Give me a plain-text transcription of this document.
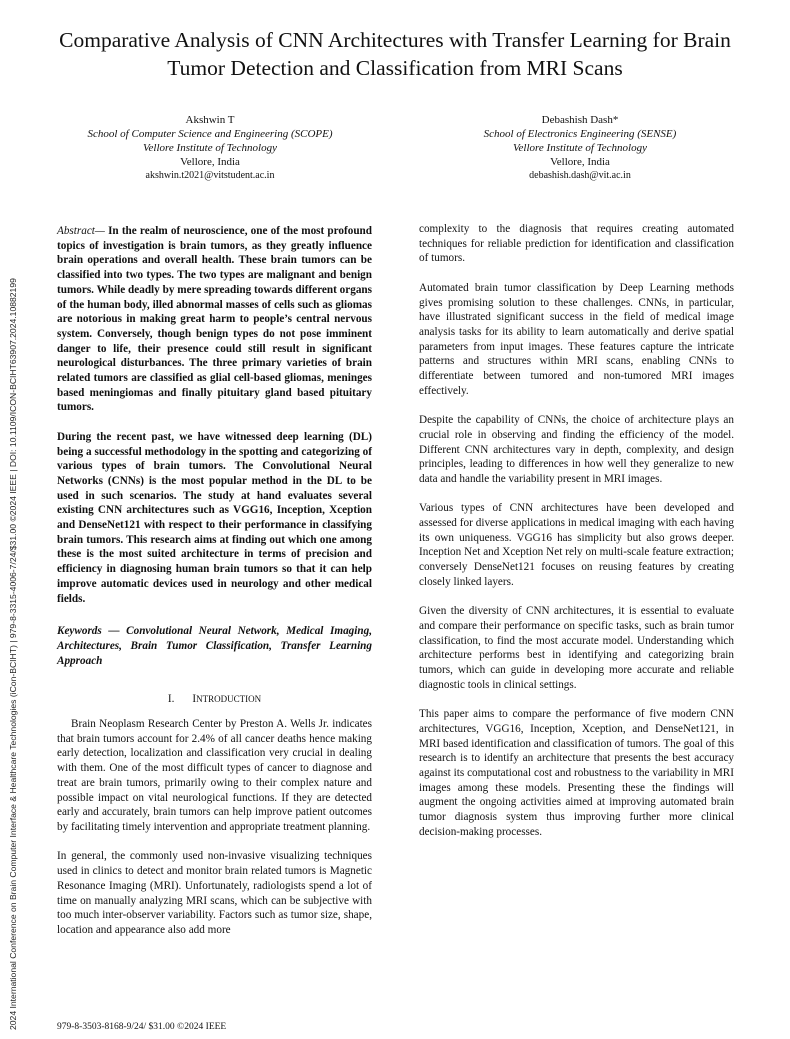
Comparative Analysis of CNN Architectures with Transfer Learning for Brain Tumor Detection and Classification from MRI Scans
Akshwin T
School of Computer Science and Engineering (SCOPE)
Vellore Institute of Technology
Vellore, India
akshwin.t2021@vitstudent.ac.in
Debashish Dash*
School of Electronics Engineering (SENSE)
Vellore Institute of Technology
Vellore, India
debashish.dash@vit.ac.in
2024 International Conference on Brain Computer Interface & Healthcare Technologies (iCon-BCIHT) | 979-8-3315-4006-7/24/$31.00 ©2024 IEEE | DOI: 10.1109/ICON-BCIHT63907.2024.10882199

Abstract— In the realm of neuroscience, one of the most profound topics of investigation is brain tumors, as they greatly influence brain operations and overall health. These brain tumors can be classified into two types. The two types are malignant and benign tumors. While deadly by mere spreading towards different organs of the human body, illed abnormal masses of cells such as gliomas are notorious in making great harm to people’s central nervous system. Conversely, though benign types do not pose imminent danger to life, their presence could still result in significant neurological disturbances. The three primary varieties of brain related tumors are classified as glial cell-based gliomas, meninges based meningiomas and finally pituitary gland based pituitary tumors.

During the recent past, we have witnessed deep learning (DL) being a successful methodology in the spotting and categorizing of various types of brain tumors. The Convolutional Neural Networks (CNNs) is the most popular method in the DL to be used in such scenarios. The study at hand evaluates several existing CNN architectures such as VGG16, Inception, Xception and DenseNet121 with respect to their performance in classifying brain tumors. This research aims at finding out which one among these is the most suited architecture in terms of precision and efficiency in diagnosing human brain tumors so that it can help improve automatic devices used in neurology and other medical fields.

Keywords — Convolutional Neural Network, Medical Imaging, Architectures, Brain Tumor Classification, Transfer Learning Approach

I. INTRODUCTION

Brain Neoplasm Research Center by Preston A. Wells Jr. indicates that brain tumors account for 2.4% of all cancer deaths hence making early detection, localization and classification very crucial in dealing with them. One of the most difficult types of cancer to diagnose and treat are brain tumors, primarily owing to their complex nature and possible impact on vital neurological functions. If they are detected early and accurately, brain tumors can help improve patient outcomes by facilitating timely intervention and appropriate treatment planning.

In general, the commonly used non-invasive visualizing techniques used in clinics to detect and monitor brain related tumors is Magnetic Resonance Imaging (MRI). Unfortunately, radiologists spend a lot of time on manually analyzing MRI scans, which can be subjective with too much inter-observer variability. Factors such as tumor size, shape, location and appearance also add more

complexity to the diagnosis that requires creating automated techniques for reliable prediction for identification and classification of tumors.

Automated brain tumor classification by Deep Learning methods gives promising solution to these challenges. CNNs, in particular, have illustrated significant success in the field of medical image analysis tasks for its ability to learn automatically and derive spatial parameters from input images. These features capture the intricate patterns and structures within MRI scans, enabling CNNs to differentiate between tumored and non-tumored MRI images effectively.

Despite the capability of CNNs, the choice of architecture plays an crucial role in observing and finding the efficiency of the model. Different CNN architectures vary in depth, complexity, and design principles, leading to differences in how well they generalize to new data and handle the variability present in MRI images.

Various types of CNN architectures have been developed and assessed for diverse applications in medical imaging with each having its own uniqueness. VGG16 has simplicity but also grows deeper. Inception Net and Xception Net rely on multi-scale feature extraction; conversely DenseNet121 focuses on reusing features by creating closely linked layers.

Given the diversity of CNN architectures, it is essential to evaluate and compare their performance on specific tasks, such as brain tumor classification, to find the most accurate model. Understanding which architecture performs best in identifying and categorizing brain tumors, which can guide in developing more accurate and reliable diagnostic tools in clinical settings.

This paper aims to compare the performance of five modern CNN architectures, VGG16, Inception, Xception, and DenseNet121, in MRI based identification and classification of tumors. The goal of this research is to identify an architecture that presents the best accuracy against its computational cost and robustness to the variability in MRI images among these models. Presenting these the findings will augment the ongoing activities aimed at improving automated brain tumor diagnosis system thus improving further more clinical decision-making processes.

979-8-3503-8168-9/24/ $31.00 ©2024 IEEE
